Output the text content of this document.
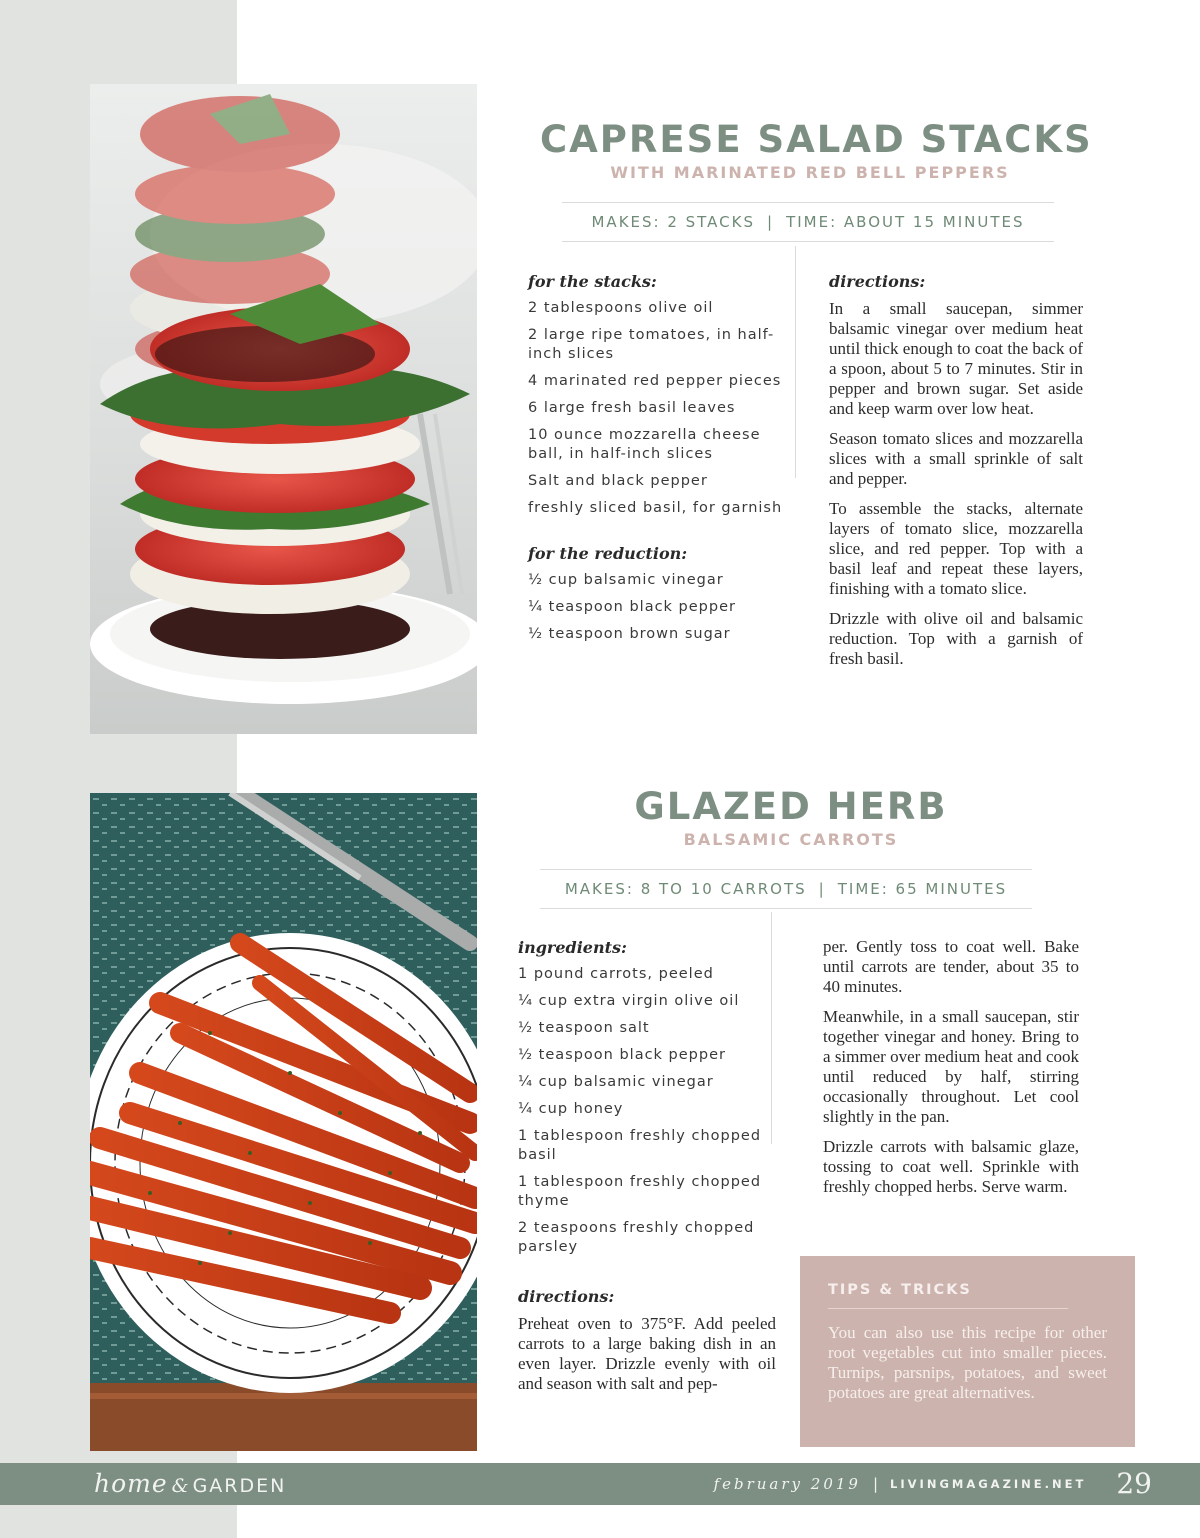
CAPRESE SALAD STACKS
WITH MARINATED RED BELL PEPPERS
MAKES: 2 STACKS | TIME: ABOUT 15 MINUTES
for the stacks:
2 tablespoons olive oil
2 large ripe tomatoes, in half-inch slices
4 marinated red pepper pieces
6 large fresh basil leaves
10 ounce mozzarella cheese ball, in half-inch slices
Salt and black pepper
freshly sliced basil, for garnish
for the reduction:
½ cup balsamic vinegar
¼ teaspoon black pepper
½ teaspoon brown sugar
directions:

In a small saucepan, simmer balsamic vinegar over medium heat until thick enough to coat the back of a spoon, about 5 to 7 minutes. Stir in pepper and brown sugar. Set aside and keep warm over low heat.

Season tomato slices and mozzarella slices with a small sprinkle of salt and pepper.

To assemble the stacks, alternate layers of tomato slice, mozzarella slice, and red pepper. Top with a basil leaf and repeat these layers, finishing with a tomato slice.

Drizzle with olive oil and balsamic reduction. Top with a garnish of fresh basil.

GLAZED HERB
BALSAMIC CARROTS
MAKES: 8 TO 10 CARROTS | TIME: 65 MINUTES
ingredients:
1 pound carrots, peeled
¼ cup extra virgin olive oil
½ teaspoon salt
½ teaspoon black pepper
¼ cup balsamic vinegar
¼ cup honey
1 tablespoon freshly chopped basil
1 tablespoon freshly chopped thyme
2 teaspoons freshly chopped parsley
directions:

Preheat oven to 375°F. Add peeled carrots to a large baking dish in an even layer. Drizzle evenly with oil and season with salt and pep-

per. Gently toss to coat well. Bake until carrots are tender, about 35 to 40 minutes.

Meanwhile, in a small saucepan, stir together vinegar and honey. Bring to a simmer over medium heat and cook until reduced by half, stirring occasionally throughout. Let cool slightly in the pan.

Drizzle carrots with balsamic glaze, tossing to coat well. Sprinkle with freshly chopped herbs. Serve warm.

TIPS & TRICKS
You can also use this recipe for other root vegetables cut into smaller pieces. Turnips, parsnips, potatoes, and sweet potatoes are great alternatives.
home & GARDEN	february 2019 | LIVINGMAGAZINE.NET 29
